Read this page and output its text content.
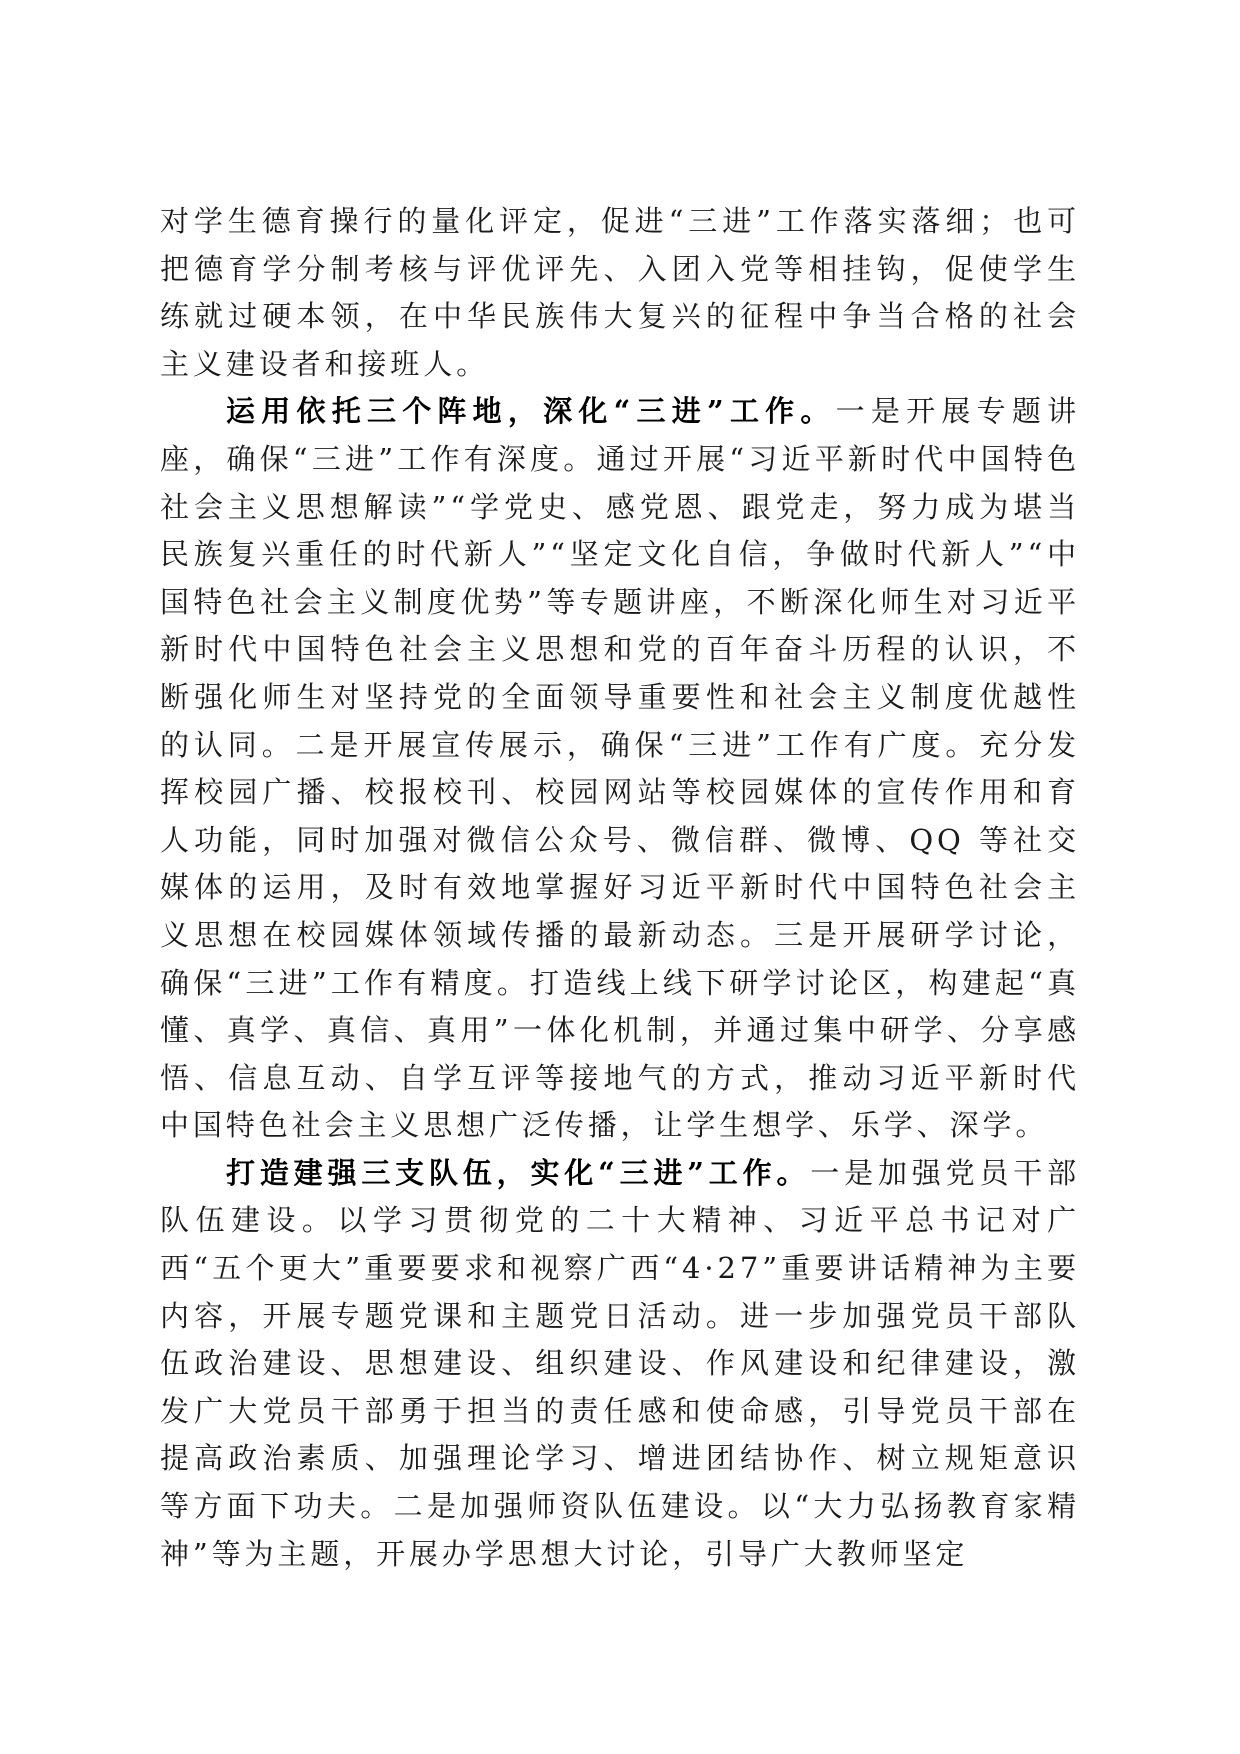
对学生德育操行的量化评定，促进“三进”工作落实落细；也可把德育学分制考核与评优评先、入团入党等相挂钩，促使学生练就过硬本领，在中华民族伟大复兴的征程中争当合格的社会主义建设者和接班人。

运用依托三个阵地，深化“三进”工作。一是开展专题讲座，确保“三进”工作有深度。通过开展“习近平新时代中国特色社会主义思想解读”“学党史、感党恩、跟党走，努力成为堪当民族复兴重任的时代新人”“坚定文化自信，争做时代新人”“中国特色社会主义制度优势”等专题讲座，不断深化师生对习近平新时代中国特色社会主义思想和党的百年奋斗历程的认识，不断强化师生对坚持党的全面领导重要性和社会主义制度优越性的认同。二是开展宣传展示，确保“三进”工作有广度。充分发挥校园广播、校报校刊、校园网站等校园媒体的宣传作用和育人功能，同时加强对微信公众号、微信群、微博、QQ 等社交媒体的运用，及时有效地掌握好习近平新时代中国特色社会主义思想在校园媒体领域传播的最新动态。三是开展研学讨论，确保“三进”工作有精度。打造线上线下研学讨论区，构建起“真懂、真学、真信、真用”一体化机制，并通过集中研学、分享感悟、信息互动、自学互评等接地气的方式，推动习近平新时代中国特色社会主义思想广泛传播，让学生想学、乐学、深学。

打造建强三支队伍，实化“三进”工作。一是加强党员干部队伍建设。以学习贯彻党的二十大精神、习近平总书记对广西“五个更大”重要要求和视察广西“4·27”重要讲话精神为主要内容，开展专题党课和主题党日活动。进一步加强党员干部队伍政治建设、思想建设、组织建设、作风建设和纪律建设，激发广大党员干部勇于担当的责任感和使命感，引导党员干部在提高政治素质、加强理论学习、增进团结协作、树立规矩意识等方面下功夫。二是加强师资队伍建设。以“大力弘扬教育家精神”等为主题，开展办学思想大讨论，引导广大教师坚定
